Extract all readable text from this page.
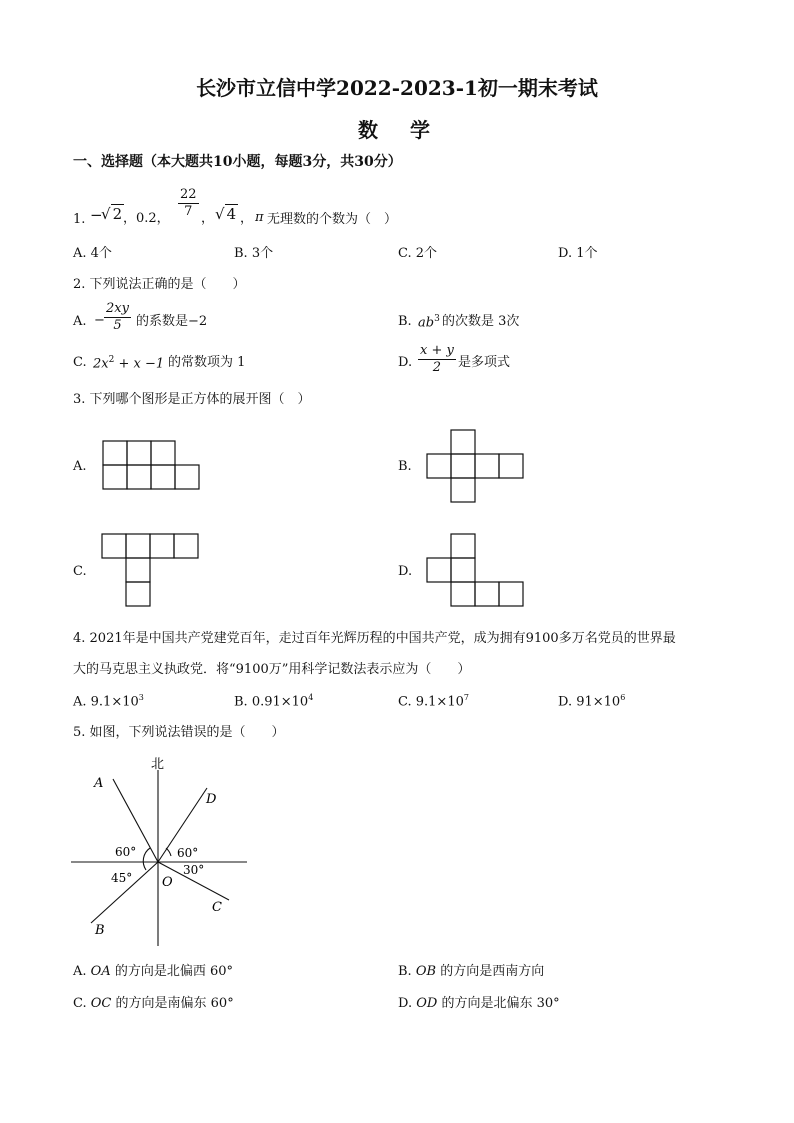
长沙市立信中学2022-2023-1初一期末考试
数　学
一、选择题（本大题共10小题，每题3分，共30分）
1. −
√ 2 ，0.2， $\frac{22}{7}$ ， √ 4 ， π 无理数的个数为（　）
A. 4个	B. 3个	C. 2个	D. 1个
2. 下列说法正确的是（　　）
A. − $\frac{2xy}{5}$ 的系数是−2	B. $ab^3$ 的次数是 3次
C. $2x^2 + x -1$ 的常数项为 1	D. $\frac{x + y}{2}$ 是多项式
3. 下列哪个图形是正方体的展开图（　）
A.	B.
C.	D.
4. 2021年是中国共产党建党百年，走过百年光辉历程的中国共产党，成为拥有9100多万名党员的世界最
大的马克思主义执政党．将“9100万”用科学记数法表示应为（　　）
A. $9.1\times 10^3$	B. $0.91\times 10^4$	C. $9.1\times 10^7$	D. $91\times 10^6$
5. 如图，下列说法错误的是（　　）
北
A
D
B
C
O
60°	60°
45°
30°
A. OA 的方向是北偏西 60°	B. OB 的方向是西南方向
C. OC 的方向是南偏东 60°	D. OD 的方向是北偏东 30°
